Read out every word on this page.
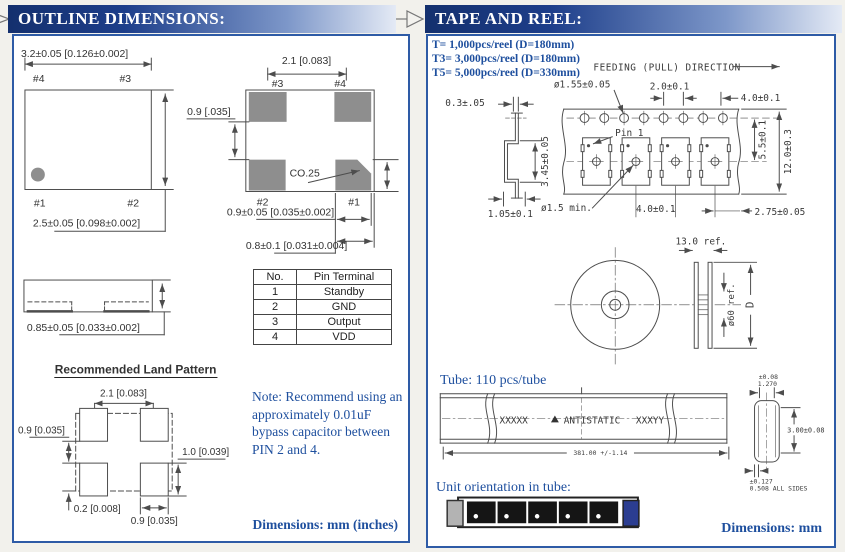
OUTLINE DIMENSIONS:	TAPE AND REEL:
3.2±0.05 [0.126±0.002]
#4	#3
#1	#2
2.5±0.05 [0.098±0.002]
2.1 [0.083]
#3	#4
CO.25
0.9 [.035]
#2	#1
0.9±0.05 [0.035±0.002]
0.8±0.1 [0.031±0.004]
0.85±0.05 [0.033±0.002]
Recommended Land Pattern
2.1 [0.083]
0.9 [0.035]
0.2 [0.008]
0.9 [0.035]
1.0 [0.039]
No.	Pin Terminal
1	Standby
2	GND
3	Output
4	VDD
Note: Recommend using an approximately 0.01uF bypass capacitor between PIN 2 and 4.
Dimensions: mm (inches)
T= 1,000pcs/reel (D=180mm)
T3= 3,000pcs/reel (D=180mm)
T5= 5,000pcs/reel (D=330mm) FEEDING (PULL) DIRECTION
ø1.55±0.05	2.0±0.1
4.0±0.1
Pin 1
ø1.5 min.	4.0±0.1	2.75±0.05
5.5±0.1 12.0±0.3
0.3±.05
3.45±0.05
1.05±0.1
13.0 ref.
ø60 ref. D
XXXXX	ANTISTATIC XXXYY
381.00 +/-1.14
±0.08
1.270
3.00±0.08
±0.127
0.508 ALL SIDES
Tube: 110 pcs/tube
Unit orientation in tube:
Dimensions: mm
